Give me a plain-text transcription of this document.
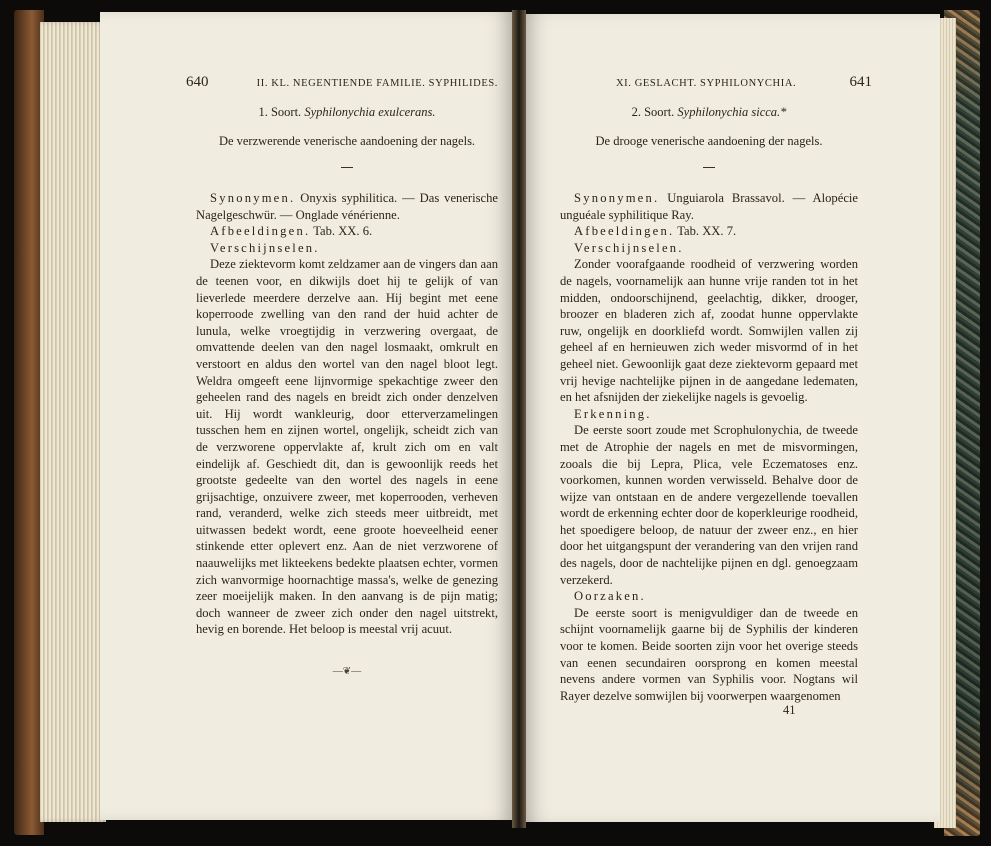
640	II. KL. NEGENTIENDE FAMILIE. SYPHILIDES.
1. Soort. Syphilonychia exulcerans.
De verzwerende venerische aandoening der nagels.

Synonymen. Onyxis syphilitica. — Das venerische Nagelgeschwür. — Onglade vénérienne.

Afbeeldingen. Tab. XX. 6.
Verschijnselen.

Deze ziektevorm komt zeldzamer aan de vingers dan aan de teenen voor, en dikwijls doet hij te gelijk of van lieverlede meerdere derzelve aan. Hij begint met eene koperroode zwelling van den rand der huid achter de lunula, welke vroegtijdig in verzwering overgaat, de omvattende deelen van den nagel losmaakt, omkrult en verstoort en aldus den wortel van den nagel bloot legt. Weldra omgeeft eene lijnvormige spekachtige zweer den geheelen rand des nagels en breidt zich onder denzelven uit. Hij wordt wankleurig, door etterverzamelingen tusschen hem en zijnen wortel, ongelijk, scheidt zich van de verzworene oppervlakte af, krult zich om en valt eindelijk af. Geschiedt dit, dan is gewoonlijk reeds het grootste gedeelte van den wortel des nagels in eene grijsachtige, onzuivere zweer, met koperrooden, verheven rand, veranderd, welke zich steeds meer uitbreidt, met uitwassen bedekt wordt, eene groote hoeveelheid eener stinkende etter oplevert enz. Aan de niet verzworene of naauwelijks met likteekens bedekte plaatsen echter, vormen zich wanvormige hoornachtige massa's, welke de genezing zeer moeijelijk maken. In den aanvang is de pijn matig; doch wanneer de zweer zich onder den nagel uitstrekt, hevig en borende. Het beloop is meestal vrij acuut.

—❦—
XI. GESLACHT. SYPHILONYCHIA.	641
2. Soort. Syphilonychia sicca.*
De drooge venerische aandoening der nagels.

Synonymen. Unguiarola Brassavol. — Alopécie unguéale syphilitique Ray.

Afbeeldingen. Tab. XX. 7.
Verschijnselen.

Zonder voorafgaande roodheid of verzwering worden de nagels, voornamelijk aan hunne vrije randen tot in het midden, ondoorschijnend, geelachtig, dikker, drooger, broozer en bladeren zich af, zoodat hunne oppervlakte ruw, ongelijk en doorkliefd wordt. Somwijlen vallen zij geheel af en hernieuwen zich weder misvormd of in het geheel niet. Gewoonlijk gaat deze ziektevorm gepaard met vrij hevige nachtelijke pijnen in de aangedane ledematen, en het afsnijden der ziekelijke nagels is gevoelig.

Erkenning.

De eerste soort zoude met Scrophulonychia, de tweede met de Atrophie der nagels en met de misvormingen, zooals die bij Lepra, Plica, vele Eczematoses enz. voorkomen, kunnen worden verwisseld. Behalve door de wijze van ontstaan en de andere vergezellende toevallen wordt de erkenning echter door de koperkleurige roodheid, het spoedigere beloop, de natuur der zweer enz., en hier door het uitgangspunt der verandering van den vrijen rand des nagels, door de nachtelijke pijnen en dgl. genoegzaam verzekerd.

Oorzaken.

De eerste soort is menigvuldiger dan de tweede en schijnt voornamelijk gaarne bij de Syphilis der kinderen voor te komen. Beide soorten zijn voor het overige steeds van eenen secundairen oorsprong en komen meestal nevens andere vormen van Syphilis voor. Nogtans wil Rayer dezelve somwijlen bij voorwerpen waargenomen

41
